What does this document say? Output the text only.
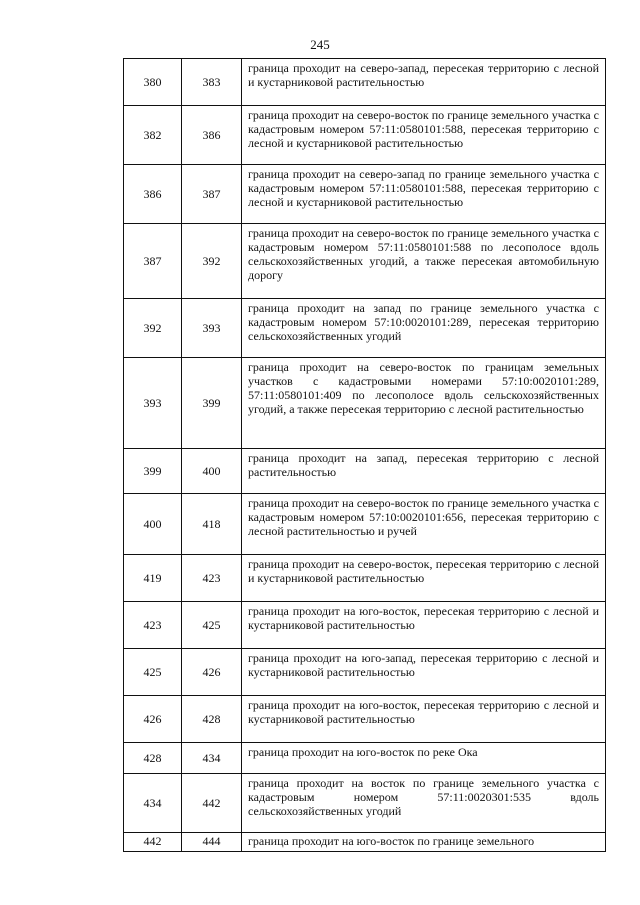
245
380	383	граница проходит на северо-запад, пересекая территорию с лесной и кустарниковой растительностью
382	386	граница проходит на северо-восток по границе земельного участка с кадастровым номером 57:11:0580101:588, пересекая территорию с лесной и кустарниковой растительностью
386	387	граница проходит на северо-запад по границе земельного участка с кадастровым номером 57:11:0580101:588, пересекая территорию с лесной и кустарниковой растительностью
387	392	граница проходит на северо-восток по границе земельного участка с кадастровым номером 57:11:0580101:588 по лесополосе вдоль сельскохозяйственных угодий, а также пересекая автомобильную дорогу
392	393	граница проходит на запад по границе земельного участка с кадастровым номером 57:10:0020101:289, пересекая территорию сельскохозяйственных угодий
393	399	граница проходит на северо-восток по границам земельных участков с кадастровыми номерами 57:10:0020101:289, 57:11:0580101:409 по лесополосе вдоль сельскохозяйственных угодий, а также пересекая территорию с лесной растительностью
399	400	граница проходит на запад, пересекая территорию с лесной растительностью
400	418	граница проходит на северо-восток по границе земельного участка с кадастровым номером 57:10:0020101:656, пересекая территорию с лесной растительностью и ручей
419	423	граница проходит на северо-восток, пересекая территорию с лесной и кустарниковой растительностью
423	425	граница проходит на юго-восток, пересекая территорию с лесной и кустарниковой растительностью
425	426	граница проходит на юго-запад, пересекая территорию с лесной и кустарниковой растительностью
426	428	граница проходит на юго-восток, пересекая территорию с лесной и кустарниковой растительностью
428	434	граница проходит на юго-восток по реке Ока
434	442	граница проходит на восток по границе земельного участка с кадастровым номером 57:11:0020301:535 вдоль сельскохозяйственных угодий
442	444	граница проходит на юго-восток по границе земельного
